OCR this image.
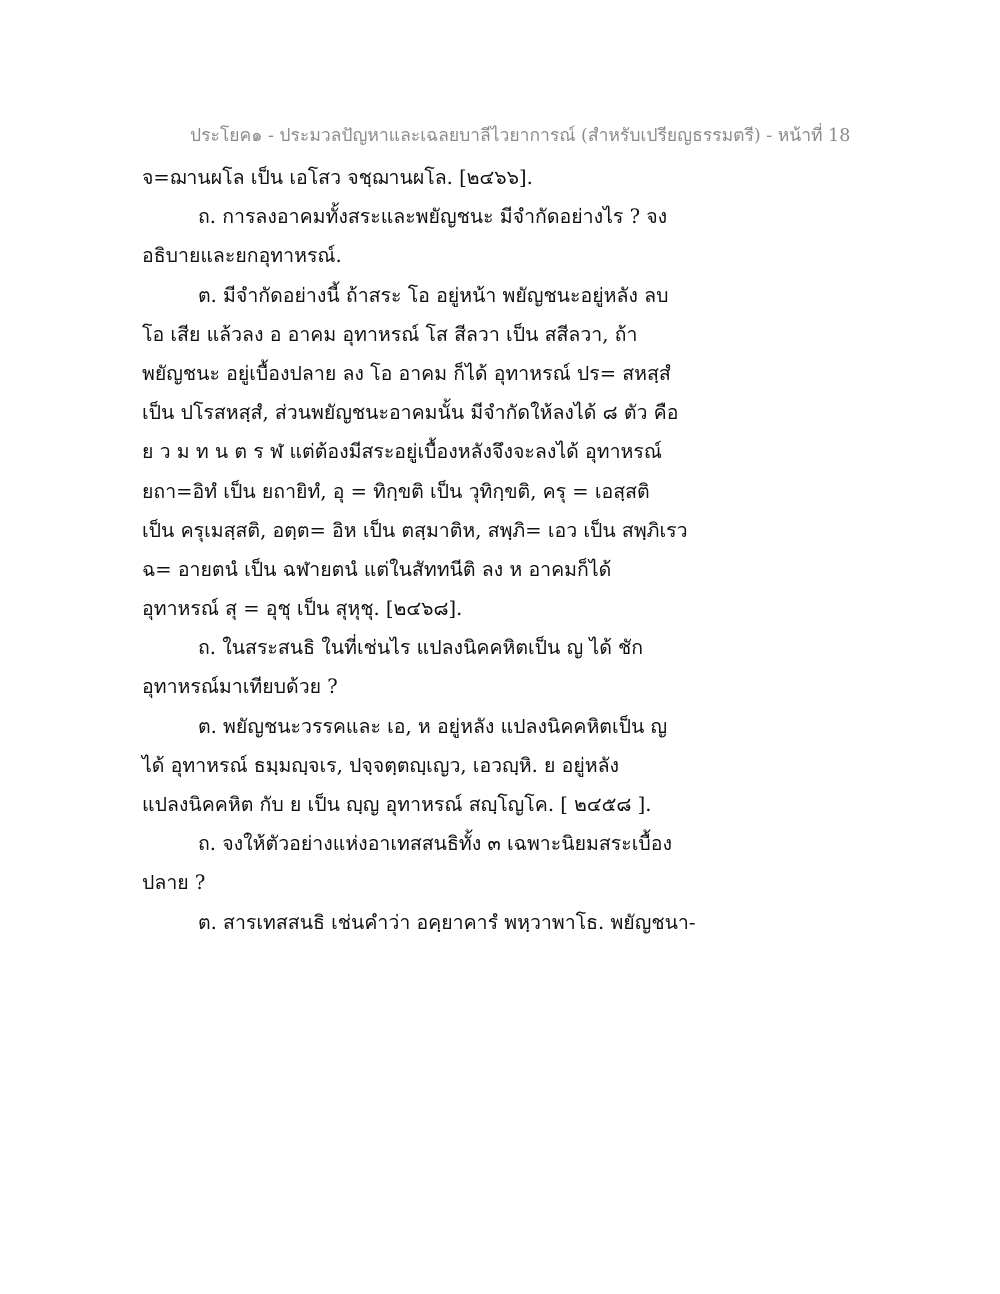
ประโยค๑ - ประมวลปัญหาและเฉลยบาลีไวยาการณ์ (สำหรับเปรียญธรรมตรี) - หน้าที่ 18
จ=ฌานผโล เป็น เอโสว จชฺฌานผโล. [๒๔๖๖].
ถ. การลงอาคมทั้งสระและพยัญชนะ มีจำกัดอย่างไร ? จง
อธิบายและยกอุทาหรณ์.
ต. มีจำกัดอย่างนี้ ถ้าสระ โอ อยู่หน้า พยัญชนะอยู่หลัง ลบ
โอ เสีย แล้วลง อ อาคม อุทาหรณ์ โส สีลวา เป็น สสีลวา, ถ้า
พยัญชนะ อยู่เบื้องปลาย ลง โอ อาคม ก็ได้ อุทาหรณ์ ปร= สหสฺสํ
เป็น ปโรสหสฺสํ, ส่วนพยัญชนะอาคมนั้น มีจำกัดให้ลงได้ ๘ ตัว คือ
ย ว ม ท น ต ร ฬ แต่ต้องมีสระอยู่เบื้องหลังจึงจะลงได้ อุทาหรณ์
ยถา=อิทํ เป็น ยถายิทํ, อุ = ทิกฺขติ เป็น วุทิกฺขติ, ครุ = เอสฺสติ
เป็น ครุเมสฺสติ, อตฺต= อิห เป็น ตสฺมาติห, สพฺภิ= เอว เป็น สพฺภิเรว
ฉ= อายตนํ เป็น ฉฬายตนํ แต่ในสัททนีติ ลง ห อาคมก็ได้
อุทาหรณ์ สุ = อุชุ เป็น สุหุชุ. [๒๔๖๘].
ถ. ในสระสนธิ ในที่เช่นไร แปลงนิคคหิตเป็น ญ ได้ ชัก
อุทาหรณ์มาเทียบด้วย ?
ต. พยัญชนะวรรคและ เอ, ห อยู่หลัง แปลงนิคคหิตเป็น ญ
ได้ อุทาหรณ์ ธมฺมญฺจเร, ปจฺจตฺตญฺเญว, เอวญฺหิ. ย อยู่หลัง
แปลงนิคคหิต กับ ย เป็น ญฺญ อุทาหรณ์ สญฺโญโค. [ ๒๔๕๘ ].
ถ. จงให้ตัวอย่างแห่งอาเทสสนธิทั้ง ๓ เฉพาะนิยมสระเบื้อง
ปลาย ?
ต. สารเทสสนธิ เช่นคำว่า อคฺยาคารํ พหฺวาพาโธ. พยัญชนา-
